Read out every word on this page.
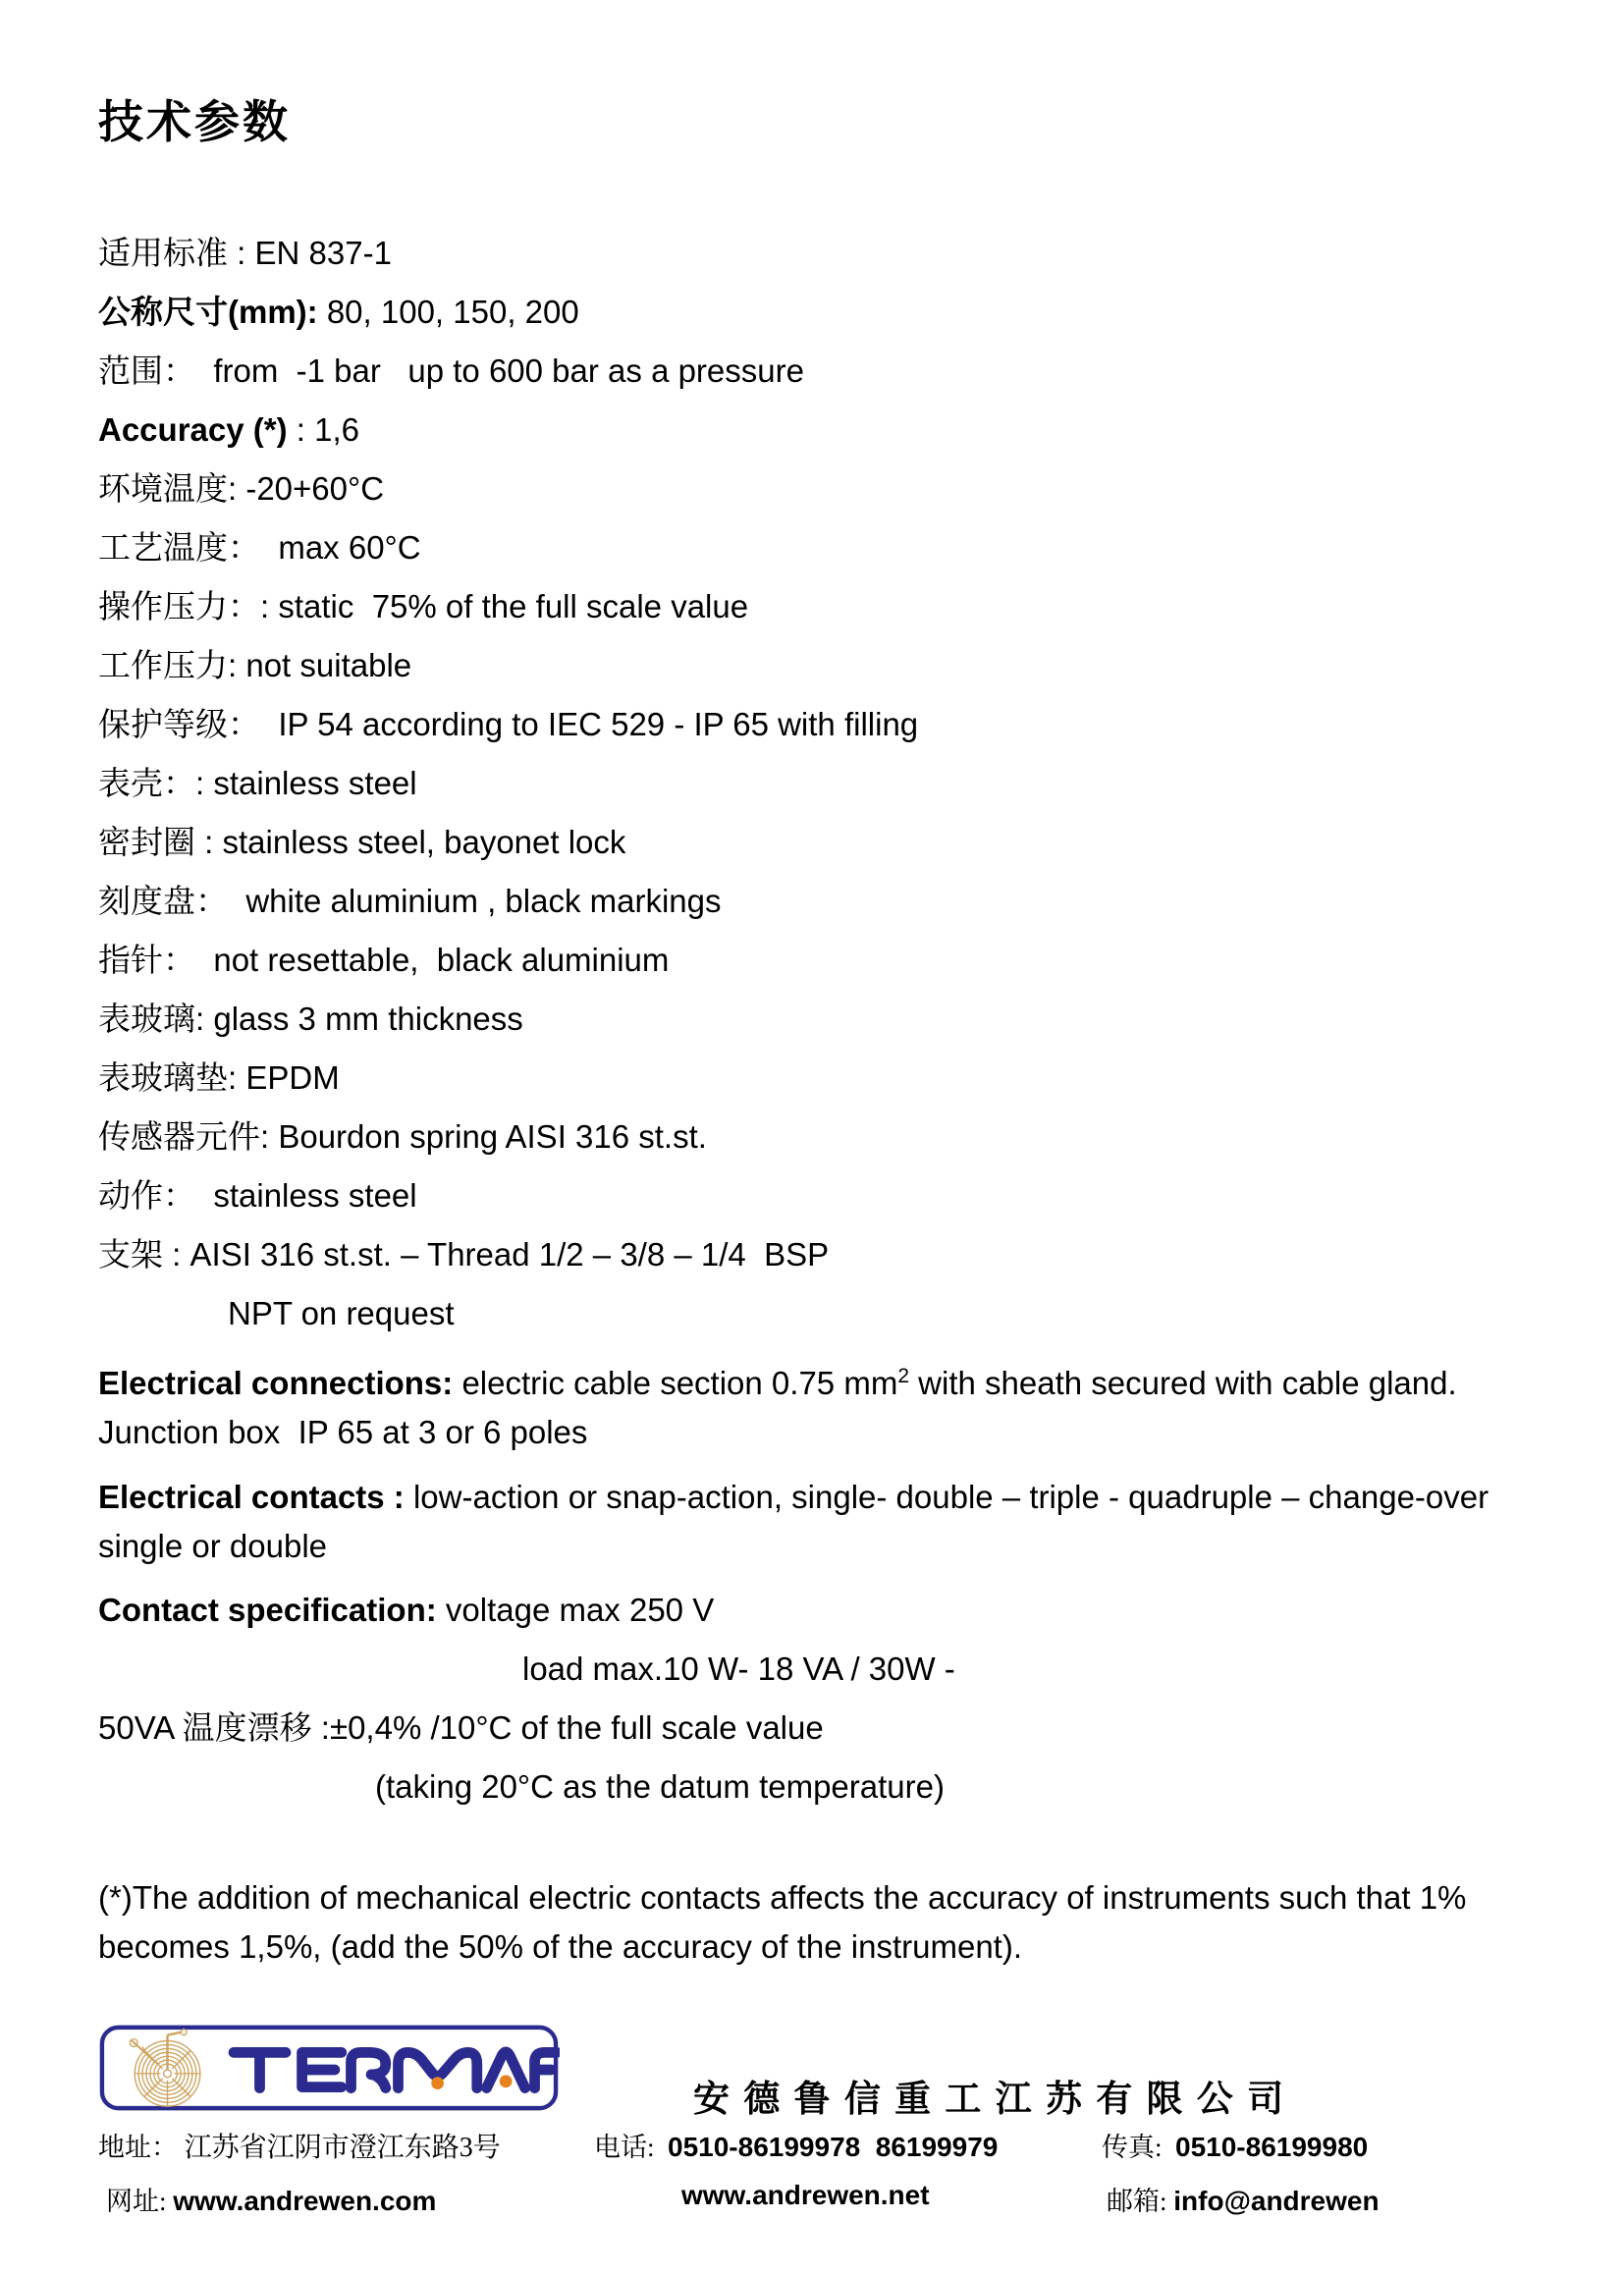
技术参数
适用标准 : EN 837-1
公称尺寸(mm): 80, 100, 150, 200
范围：  from  -1 bar   up to 600 bar as a pressure
Accuracy (*) : 1,6
环境温度: -20+60°C
工艺温度：  max 60°C
操作压力：: static  75% of the full scale value
工作压力: not suitable
保护等级：  IP 54 according to IEC 529 - IP 65 with filling
表壳：: stainless steel
密封圈 : stainless steel, bayonet lock
刻度盘：  white aluminium , black markings
指针：  not resettable,  black aluminium
表玻璃: glass 3 mm thickness
表玻璃垫: EPDM
传感器元件: Bourdon spring AISI 316 st.st.
动作：  stainless steel
支架 : AISI 316 st.st. – Thread 1/2 – 3/8 – 1/4  BSP
NPT on request
Electrical connections: electric cable section 0.75 $mm^2$ with sheath secured with cable gland. Junction box  IP 65 at 3 or 6 poles
Electrical contacts : low-action or snap-action, single- double – triple - quadruple – change-over single or double
Contact specification: voltage max 250 V
load max.10 W- 18 VA / 30W -
50VA 温度漂移 :±0,4% /10°C of the full scale value
(taking 20°C as the datum temperature)
(*)The addition of mechanical electric contacts affects the accuracy of instruments such that 1% becomes 1,5%, (add the 50% of the accuracy of the instrument).
安 德 鲁 信 重 工 江 苏 有 限 公 司

地址： 江苏省江阴市澄江东路3号

	电话:  0510-86199978  86199979

	传真:  0510-86199980

网址: www.andrewen.com

	www.andrewen.net

	邮箱: info@andrewen
